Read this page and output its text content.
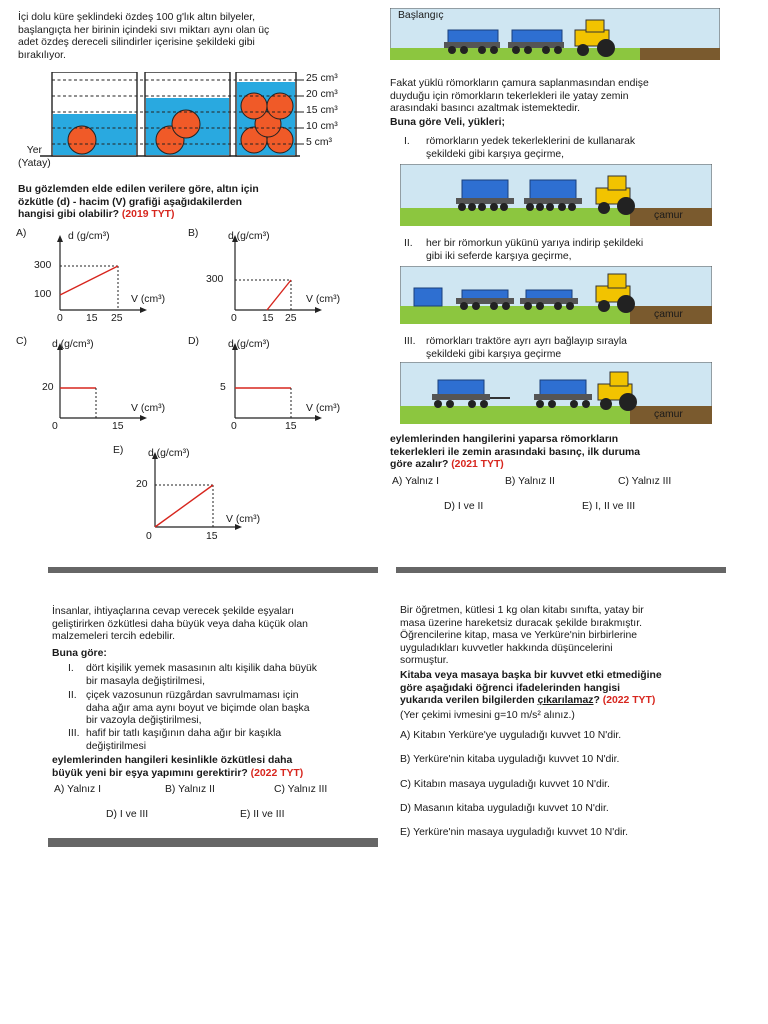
İçi dolu küre şeklindeki özdeş 100 g'lık altın bilyeler,
başlangıçta her birinin içindeki sıvı miktarı aynı olan üç
adet özdeş dereceli silindirler içerisine şekildeki gibi
bırakılıyor.
25 cm³
20 cm³
15 cm³
10 cm³
5 cm³
Yer
(Yatay)
Bu gözlemden elde edilen verilere göre, altın için
özkütle (d) - hacim (V) grafiği aşağıdakilerden
hangisi gibi olabilir? (2019 TYT)
A)	d (g/cm³)
300
100	V (cm³)
0 15 25
B)	d (g/cm³)
300
V (cm³)
0 15 25
C) d (g/cm³)
20
V (cm³)
0	15
D)	d (g/cm³)
5
V (cm³)
0	15
E) d (g/cm³)
20
V (cm³)
0	15
Başlangıç
Fakat yüklü römorkların çamura saplanmasından endişe
duyduğu için römorkların tekerlekleri ile yatay zemin
arasındaki basıncı azaltmak istemektedir.
Buna göre Veli, yükleri;
I. römorkların yedek tekerleklerini de kullanarak
şekildeki gibi karşıya geçirme,
çamur
II. her bir römorkun yükünü yarıya indirip şekildeki
gibi iki seferde karşıya geçirme,
çamur
III. römorkları traktöre ayrı ayrı bağlayıp sırayla
şekildeki gibi karşıya geçirme
çamur
eylemlerinden hangilerini yaparsa römorkların
tekerlekleri ile zemin arasındaki basınç, ilk duruma
göre azalır? (2021 TYT)
A) Yalnız I	B) Yalnız II	C) Yalnız III
D) I ve II	E) I, II ve III
İnsanlar, ihtiyaçlarına cevap verecek şekilde eşyaları
geliştirirken özkütlesi daha büyük veya daha küçük olan
malzemeleri tercih edebilir.
Buna göre:
I. dört kişilik yemek masasının altı kişilik daha büyük
bir masayla değiştirilmesi,
II. çiçek vazosunun rüzgârdan savrulmaması için
daha ağır ama aynı boyut ve biçimde olan başka
bir vazoyla değiştirilmesi,
III. hafif bir tatlı kaşığının daha ağır bir kaşıkla
değiştirilmesi
eylemlerinden hangileri kesinlikle özkütlesi daha
büyük yeni bir eşya yapımını gerektirir? (2022 TYT)
A) Yalnız I	B) Yalnız II	C) Yalnız III
D) I ve III	E) II ve III
Bir öğretmen, kütlesi 1 kg olan kitabı sınıfta, yatay bir
masa üzerine hareketsiz duracak şekilde bırakmıştır.
Öğrencilerine kitap, masa ve Yerküre'nin birbirlerine
uyguladıkları kuvvetler hakkında düşüncelerini
sormuştur.
Kitaba veya masaya başka bir kuvvet etki etmediğine
göre aşağıdaki öğrenci ifadelerinden hangisi
yukarıda verilen bilgilerden çıkarılamaz? (2022 TYT)
(Yer çekimi ivmesini g=10 m/s² alınız.)
A) Kitabın Yerküre'ye uyguladığı kuvvet 10 N'dir.
B) Yerküre'nin kitaba uyguladığı kuvvet 10 N'dir.
C) Kitabın masaya uyguladığı kuvvet 10 N'dir.
D) Masanın kitaba uyguladığı kuvvet 10 N'dir.
E) Yerküre'nin masaya uyguladığı kuvvet 10 N'dir.
